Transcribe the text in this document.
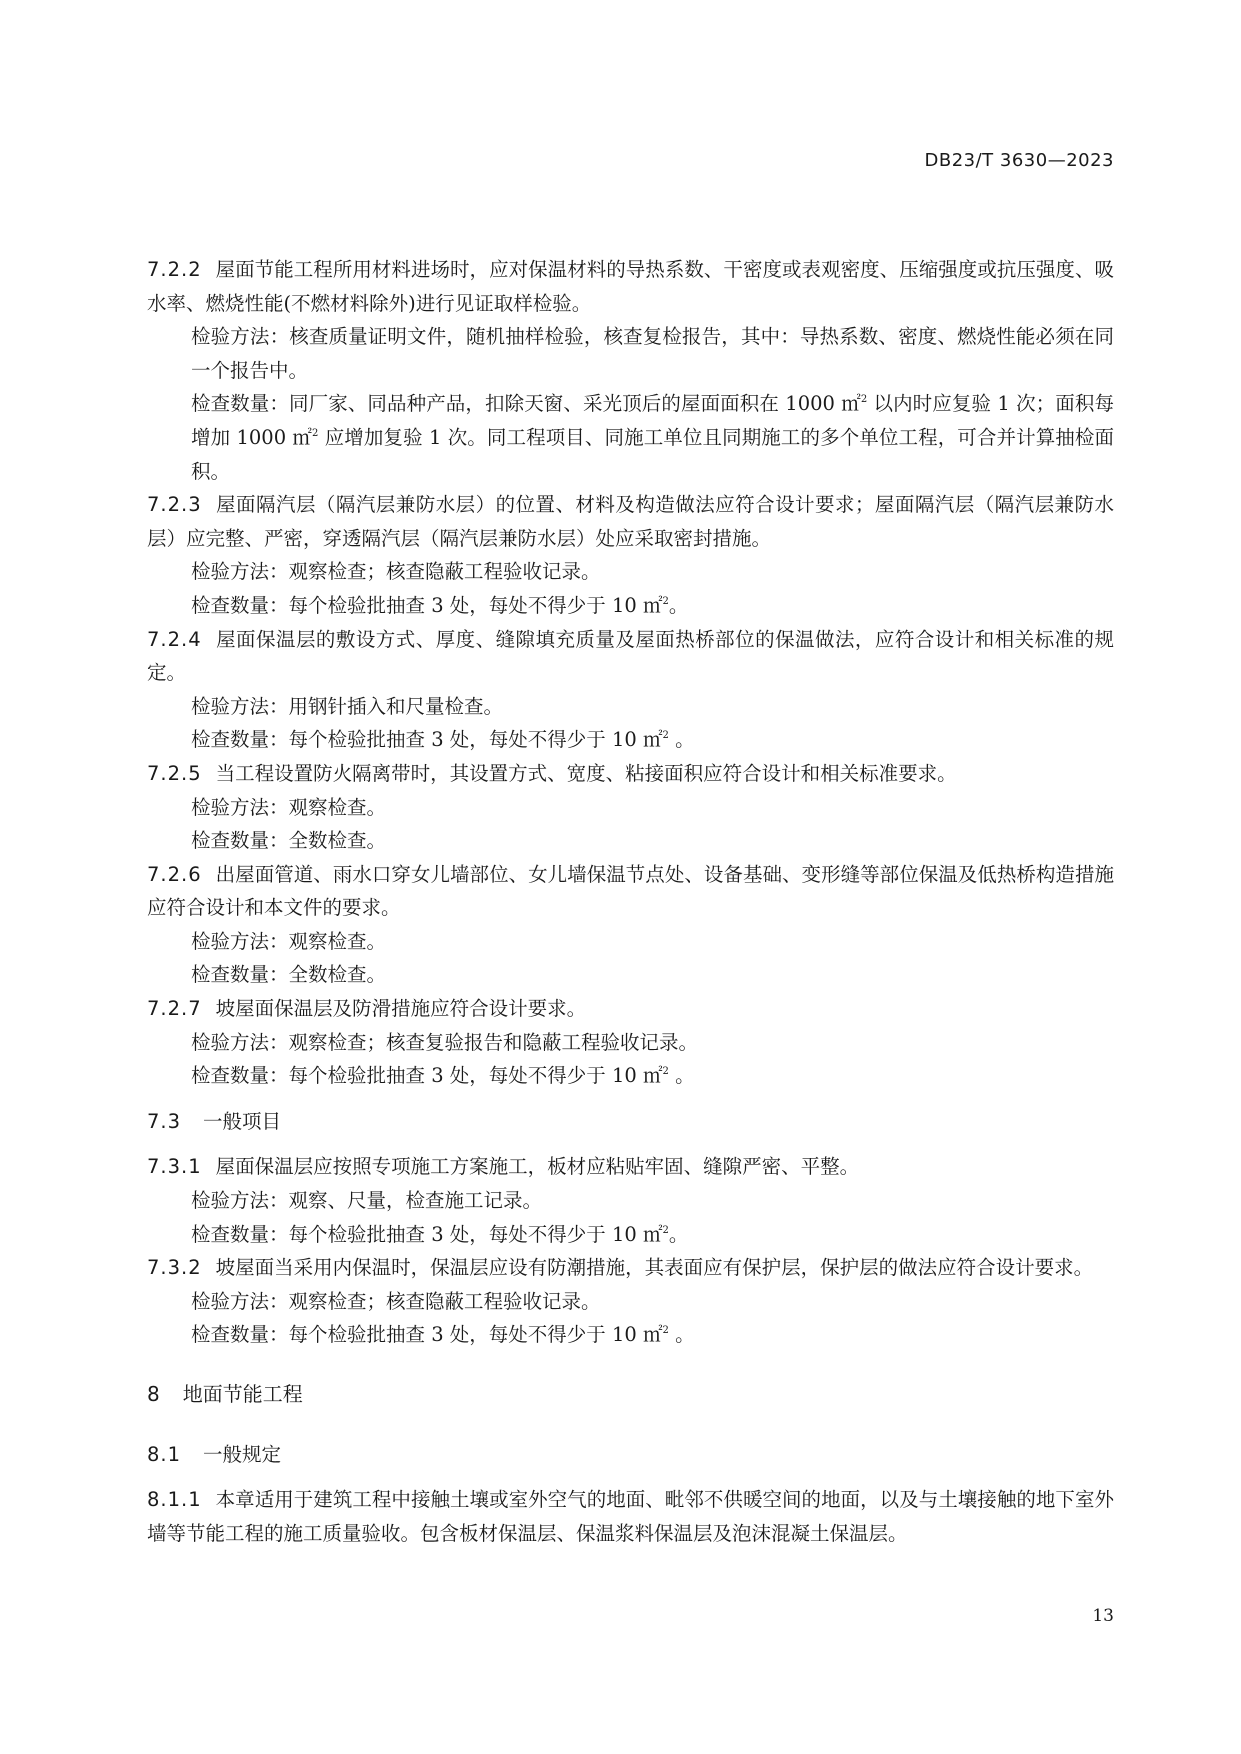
DB23/T 3630—2023

7.2.2 屋面节能工程所用材料进场时，应对保温材料的导热系数、干密度或表观密度、压缩强度或抗压强度、吸水率、燃烧性能(不燃材料除外)进行见证取样检验。

检验方法：核查质量证明文件，随机抽样检验，核查复检报告，其中：导热系数、密度、燃烧性能必须在同一个报告中。

检查数量：同厂家、同品种产品，扣除天窗、采光顶后的屋面面积在 1000 ㎡$^2$ 以内时应复验 1 次；面积每增加 1000 ㎡$^2$ 应增加复验 1 次。同工程项目、同施工单位且同期施工的多个单位工程，可合并计算抽检面积。

7.2.3 屋面隔汽层（隔汽层兼防水层）的位置、材料及构造做法应符合设计要求；屋面隔汽层（隔汽层兼防水层）应完整、严密，穿透隔汽层（隔汽层兼防水层）处应采取密封措施。

检验方法：观察检查；核查隐蔽工程验收记录。

检查数量：每个检验批抽查 3 处，每处不得少于 10 ㎡$^2$。

7.2.4 屋面保温层的敷设方式、厚度、缝隙填充质量及屋面热桥部位的保温做法，应符合设计和相关标准的规定。

检验方法：用钢针插入和尺量检查。

检查数量：每个检验批抽查 3 处，每处不得少于 10 ㎡$^2$ 。

7.2.5 当工程设置防火隔离带时，其设置方式、宽度、粘接面积应符合设计和相关标准要求。

检验方法：观察检查。

检查数量：全数检查。

7.2.6 出屋面管道、雨水口穿女儿墙部位、女儿墙保温节点处、设备基础、变形缝等部位保温及低热桥构造措施应符合设计和本文件的要求。

检验方法：观察检查。

检查数量：全数检查。

7.2.7 坡屋面保温层及防滑措施应符合设计要求。

检验方法：观察检查；核查复验报告和隐蔽工程验收记录。

检查数量：每个检验批抽查 3 处，每处不得少于 10 ㎡$^2$ 。

7.3 一般项目

7.3.1 屋面保温层应按照专项施工方案施工，板材应粘贴牢固、缝隙严密、平整。

检验方法：观察、尺量，检查施工记录。

检查数量：每个检验批抽查 3 处，每处不得少于 10 ㎡$^2$。

7.3.2 坡屋面当采用内保温时，保温层应设有防潮措施，其表面应有保护层，保护层的做法应符合设计要求。

检验方法：观察检查；核查隐蔽工程验收记录。

检查数量：每个检验批抽查 3 处，每处不得少于 10 ㎡$^2$ 。

8 地面节能工程

8.1 一般规定

8.1.1 本章适用于建筑工程中接触土壤或室外空气的地面、毗邻不供暖空间的地面，以及与土壤接触的地下室外墙等节能工程的施工质量验收。包含板材保温层、保温浆料保温层及泡沫混凝土保温层。

13
